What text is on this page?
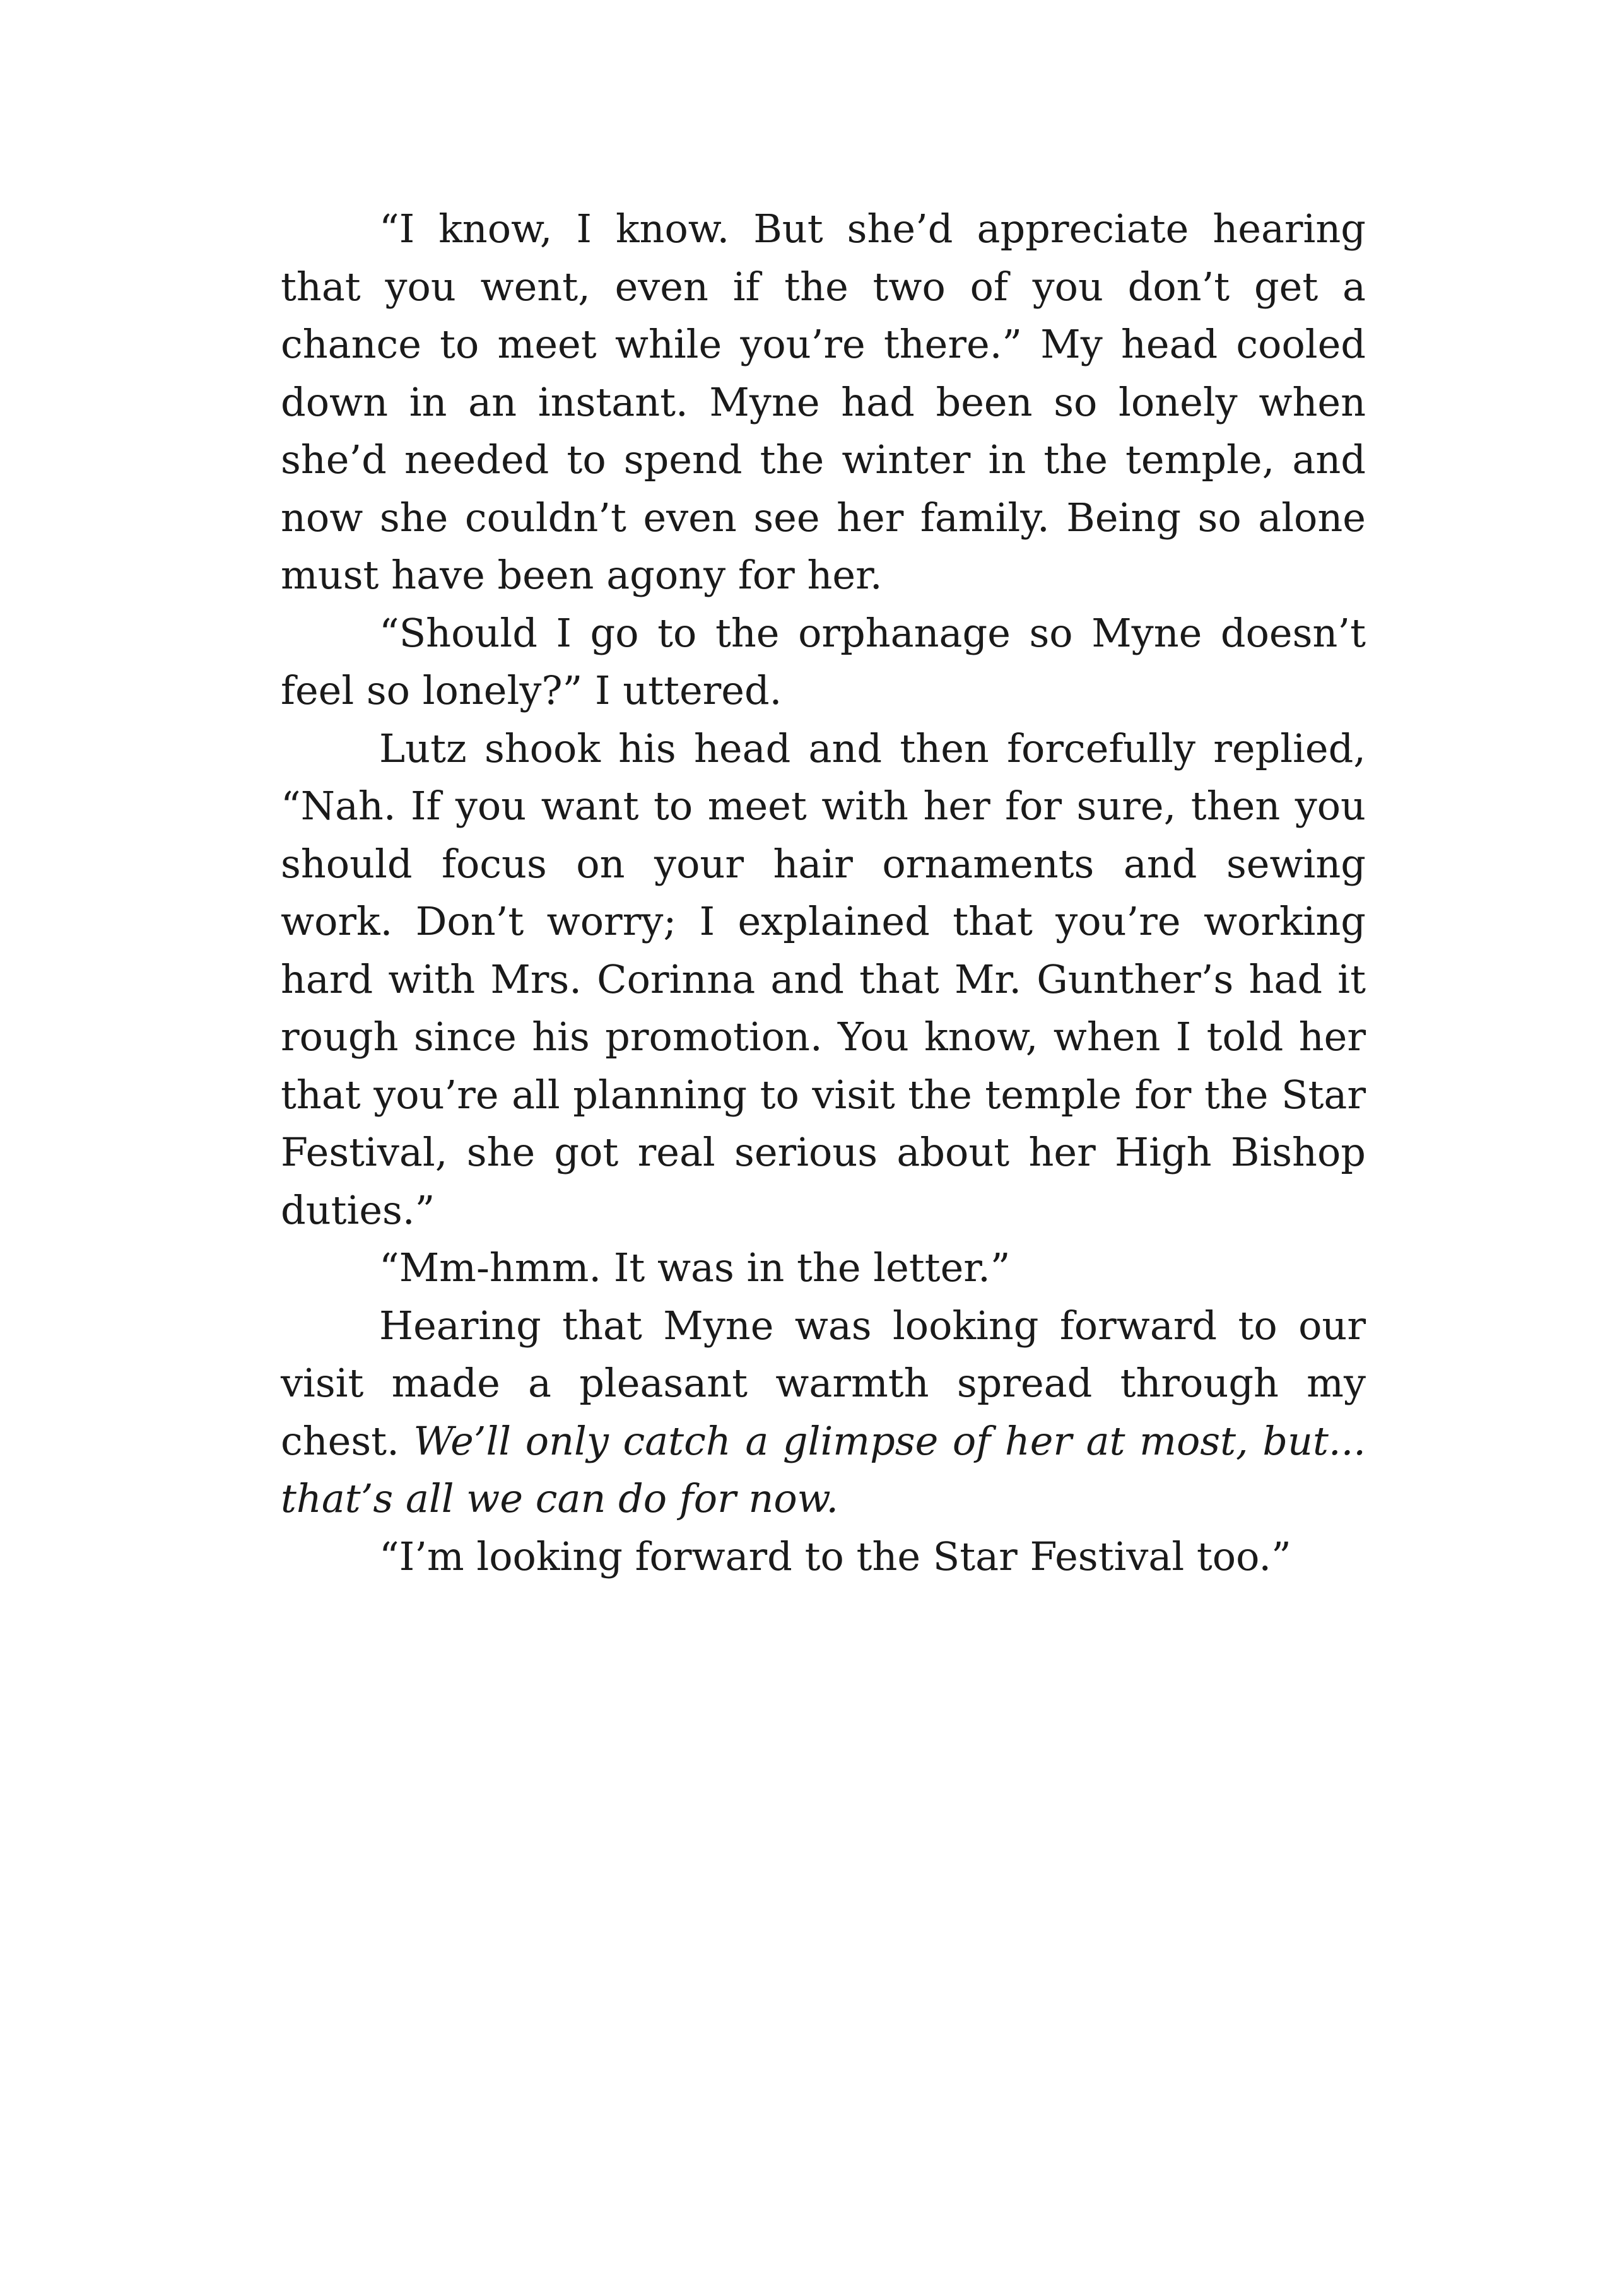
“I know, I know. But she’d appreciate hearing that you went, even if the two of you don’t get a chance to meet while you’re there.” My head cooled down in an instant. Myne had been so lonely when she’d needed to spend the winter in the temple, and now she couldn’t even see her family. Being so alone must have been agony for her.

“Should I go to the orphanage so Myne doesn’t feel so lonely?” I uttered.

Lutz shook his head and then forcefully replied, “Nah. If you want to meet with her for sure, then you should focus on your hair ornaments and sewing work. Don’t worry; I explained that you’re working hard with Mrs. Corinna and that Mr. Gunther’s had it rough since his promotion. You know, when I told her that you’re all planning to visit the temple for the Star Festival, she got real serious about her High Bishop duties.”

“Mm-hmm. It was in the letter.”

Hearing that Myne was looking forward to our visit made a pleasant warmth spread through my chest. We’ll only catch a glimpse of her at most, but... that’s all we can do for now.

“I’m looking forward to the Star Festival too.”
